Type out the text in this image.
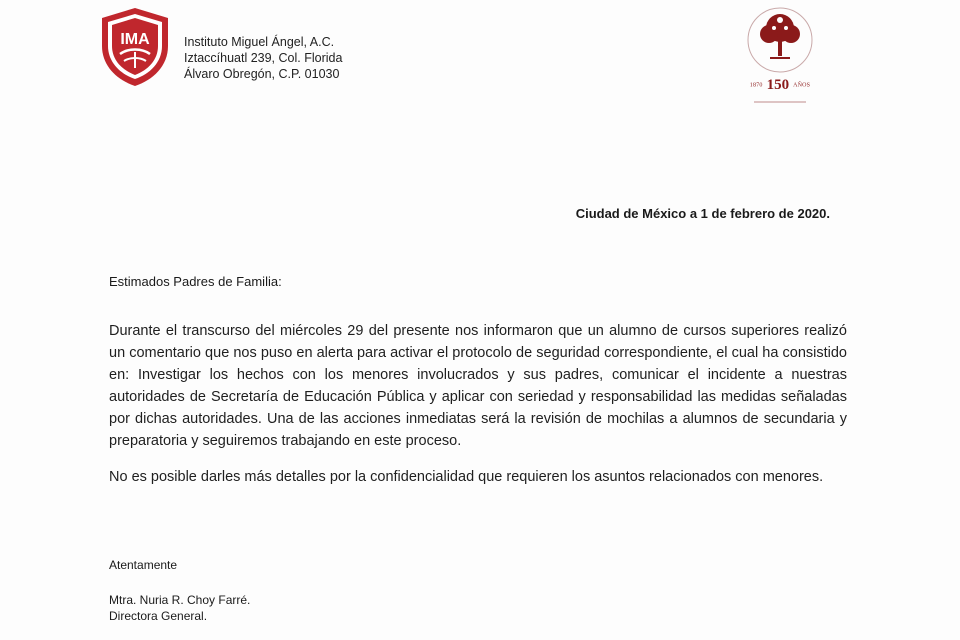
IMA	Instituto Miguel Ángel, A.C.
Iztaccíhuatl 239, Col. Florida
Álvaro Obregón, C.P. 01030
1870 150 AÑOS
Ciudad de México a 1 de febrero de 2020.
Estimados Padres de Familia:
Durante el transcurso del miércoles 29 del presente nos informaron que un alumno de cursos superiores realizó un comentario que nos puso en alerta para activar el protocolo de seguridad correspondiente, el cual ha consistido en: Investigar los hechos con los menores involucrados y sus padres, comunicar el incidente a nuestras autoridades de Secretaría de Educación Pública y aplicar con seriedad y responsabilidad las medidas señaladas por dichas autoridades. Una de las acciones inmediatas será la revisión de mochilas a alumnos de secundaria y preparatoria y seguiremos trabajando en este proceso.
No es posible darles más detalles por la confidencialidad que requieren los asuntos relacionados con menores.
Atentamente
Mtra. Nuria R. Choy Farré.
Directora General.
